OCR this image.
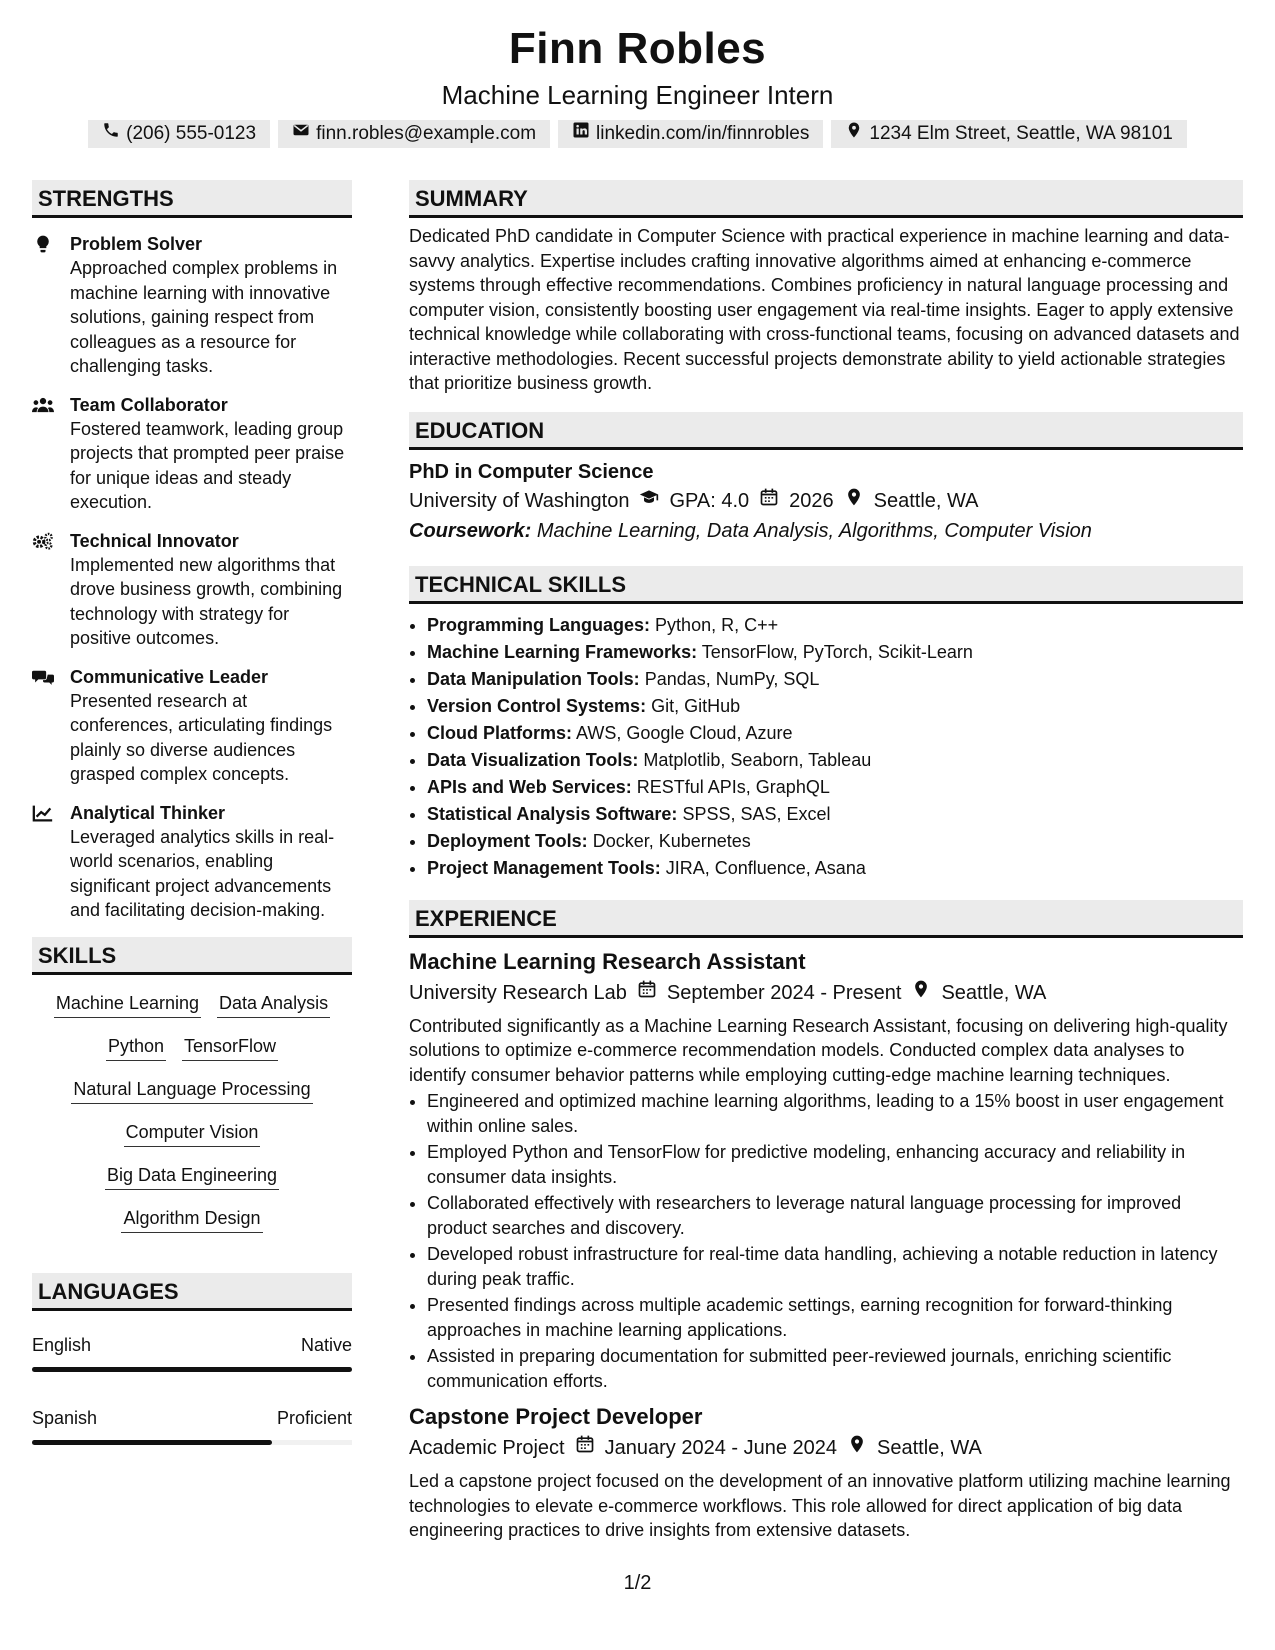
Finn Robles
Machine Learning Engineer Intern
(206) 555-0123	finn.robles@example.com	linkedin.com/in/finnrobles	1234 Elm Street, Seattle, WA 98101
STRENGTHS
Problem Solver
Approached complex problems in machine learning with innovative solutions, gaining respect from colleagues as a resource for challenging tasks.
Team Collaborator
Fostered teamwork, leading group projects that prompted peer praise for unique ideas and steady execution.
Technical Innovator
Implemented new algorithms that drove business growth, combining technology with strategy for positive outcomes.
Communicative Leader
Presented research at conferences, articulating findings plainly so diverse audiences grasped complex concepts.
Analytical Thinker
Leveraged analytics skills in real-world scenarios, enabling significant project advancements and facilitating decision-making.
SKILLS
Machine Learning Data Analysis
Python TensorFlow
Natural Language Processing
Computer Vision
Big Data Engineering
Algorithm Design
LANGUAGES
English	Native
Spanish	Proficient
SUMMARY
Dedicated PhD candidate in Computer Science with practical experience in machine learning and data-savvy analytics. Expertise includes crafting innovative algorithms aimed at enhancing e-commerce systems through effective recommendations. Combines proficiency in natural language processing and computer vision, consistently boosting user engagement via real-time insights. Eager to apply extensive technical knowledge while collaborating with cross-functional teams, focusing on advanced datasets and interactive methodologies. Recent successful projects demonstrate ability to yield actionable strategies that prioritize business growth.
EDUCATION
PhD in Computer Science
University of Washington GPA: 4.0 2026 Seattle, WA
Coursework: Machine Learning, Data Analysis, Algorithms, Computer Vision
TECHNICAL SKILLS
• Programming Languages: Python, R, C++
• Machine Learning Frameworks: TensorFlow, PyTorch, Scikit-Learn
• Data Manipulation Tools: Pandas, NumPy, SQL
• Version Control Systems: Git, GitHub
• Cloud Platforms: AWS, Google Cloud, Azure
• Data Visualization Tools: Matplotlib, Seaborn, Tableau
• APIs and Web Services: RESTful APIs, GraphQL
• Statistical Analysis Software: SPSS, SAS, Excel
• Deployment Tools: Docker, Kubernetes
• Project Management Tools: JIRA, Confluence, Asana
EXPERIENCE
Machine Learning Research Assistant
University Research Lab September 2024 - Present Seattle, WA
Contributed significantly as a Machine Learning Research Assistant, focusing on delivering high-quality solutions to optimize e-commerce recommendation models. Conducted complex data analyses to identify consumer behavior patterns while employing cutting-edge machine learning techniques.
• Engineered and optimized machine learning algorithms, leading to a 15% boost in user engagement within online sales.
• Employed Python and TensorFlow for predictive modeling, enhancing accuracy and reliability in consumer data insights.
• Collaborated effectively with researchers to leverage natural language processing for improved product searches and discovery.
• Developed robust infrastructure for real-time data handling, achieving a notable reduction in latency during peak traffic.
• Presented findings across multiple academic settings, earning recognition for forward-thinking approaches in machine learning applications.
• Assisted in preparing documentation for submitted peer-reviewed journals, enriching scientific communication efforts.
Capstone Project Developer
Academic Project January 2024 - June 2024 Seattle, WA
Led a capstone project focused on the development of an innovative platform utilizing machine learning technologies to elevate e-commerce workflows. This role allowed for direct application of big data engineering practices to drive insights from extensive datasets.
1/2
